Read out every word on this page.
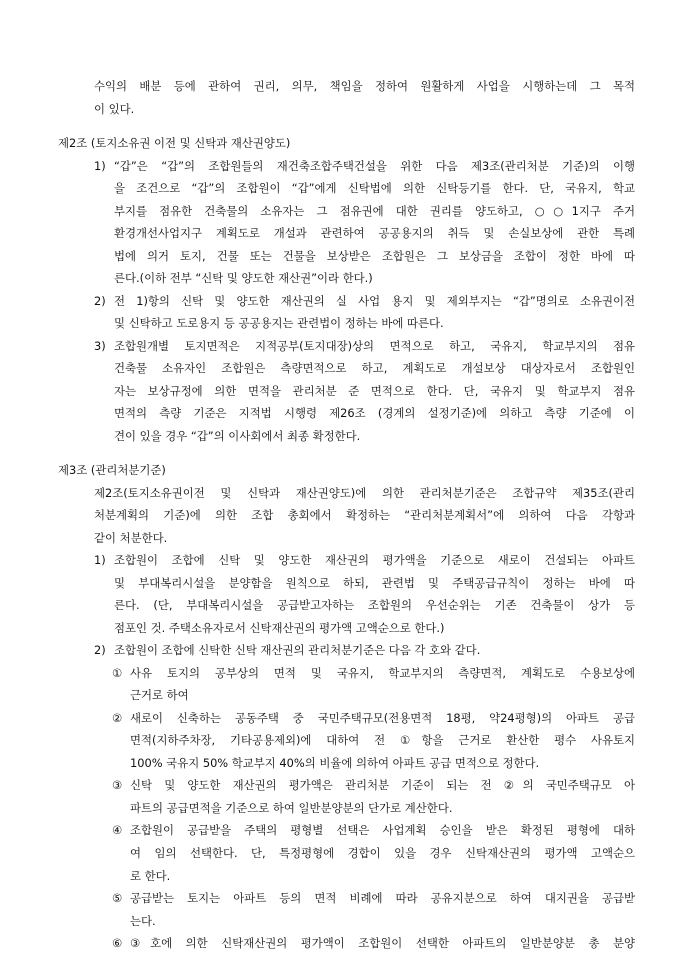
수익의 배분 등에 관하여 권리, 의무, 책임을 정하여 원활하게 사업을 시행하는데 그 목적
이 있다.
제2조 (토지소유권 이전 및 신탁과 재산권양도)
1) “갑”은 “갑”의 조합원들의 재건축조합주택건설을 위한 다음 제3조(관리처분 기준)의 이행
을 조건으로 “갑”의 조합원이 “갑”에게 신탁법에 의한 신탁등기를 한다. 단, 국유지, 학교
부지를 점유한 건축물의 소유자는 그 점유권에 대한 권리를 양도하고, ○○1지구 주거
환경개선사업지구 계획도로 개설과 관련하여 공공용지의 취득 및 손실보상에 관한 특례
법에 의거 토지, 건물 또는 건물을 보상받은 조합원은 그 보상금을 조합이 정한 바에 따
른다.(이하 전부 “신탁 및 양도한 재산권”이라 한다.)
2) 전 1)항의 신탁 및 양도한 재산권의 실 사업 용지 및 제외부지는 “갑”명의로 소유권이전
및 신탁하고 도로용지 등 공공용지는 관련법이 정하는 바에 따른다.
3) 조합원개별 토지면적은 지적공부(토지대장)상의 면적으로 하고, 국유지, 학교부지의 점유
건축물 소유자인 조합원은 측량면적으로 하고, 계획도로 개설보상 대상자로서 조합원인
자는 보상규정에 의한 면적을 관리처분 준 면적으로 한다. 단, 국유지 및 학교부지 점유
면적의 측량 기준은 지적법 시행령 제26조 (경계의 설정기준)에 의하고 측량 기준에 이
견이 있을 경우 “갑”의 이사회에서 최종 확정한다.
제3조 (관리처분기준)
제2조(토지소유권이전 및 신탁과 재산권양도)에 의한 관리처분기준은 조합규약 제35조(관리
처분계획의 기준)에 의한 조합 총회에서 확정하는 “관리처분계획서”에 의하여 다음 각항과
같이 처분한다.
1) 조합원이 조합에 신탁 및 양도한 재산권의 평가액을 기준으로 새로이 건설되는 아파트
및 부대복리시설을 분양함을 원칙으로 하되, 관련법 및 주택공급규칙이 정하는 바에 따
른다. (단, 부대복리시설을 공급받고자하는 조합원의 우선순위는 기존 건축물이 상가 등
점포인 것. 주택소유자로서 신탁재산권의 평가액 고액순으로 한다.)
2) 조합원이 조합에 신탁한 신탁 재산권의 관리처분기준은 다음 각 호와 같다.
① 사유 토지의 공부상의 면적 및 국유지, 학교부지의 측량면적, 계획도로 수용보상에
근거로 하여
② 새로이 신축하는 공동주택 중 국민주택규모(전용면적 18평, 약24평형)의 아파트 공급
면적(지하주차장, 기타공용제외)에 대하여 전 ①항을 근거로 환산한 평수 사유토지
100% 국유지 50% 학교부지 40%의 비율에 의하여 아파트 공급 면적으로 정한다.
③ 신탁 및 양도한 재산권의 평가액은 관리처분 기준이 되는 전 ②의 국민주택규모 아
파트의 공급면적을 기준으로 하여 일반분양분의 단가로 계산한다.
④ 조합원이 공급받을 주택의 평형별 선택은 사업계획 승인을 받은 확정된 평형에 대하
여 임의 선택한다. 단, 특정평형에 경합이 있을 경우 신탁재산권의 평가액 고액순으
로 한다.
⑤ 공급받는 토지는 아파트 등의 면적 비례에 따라 공유지분으로 하여 대지권을 공급받
는다.
⑥ ③호에 의한 신탁재산권의 평가액이 조합원이 선택한 아파트의 일반분양분 총 분양
